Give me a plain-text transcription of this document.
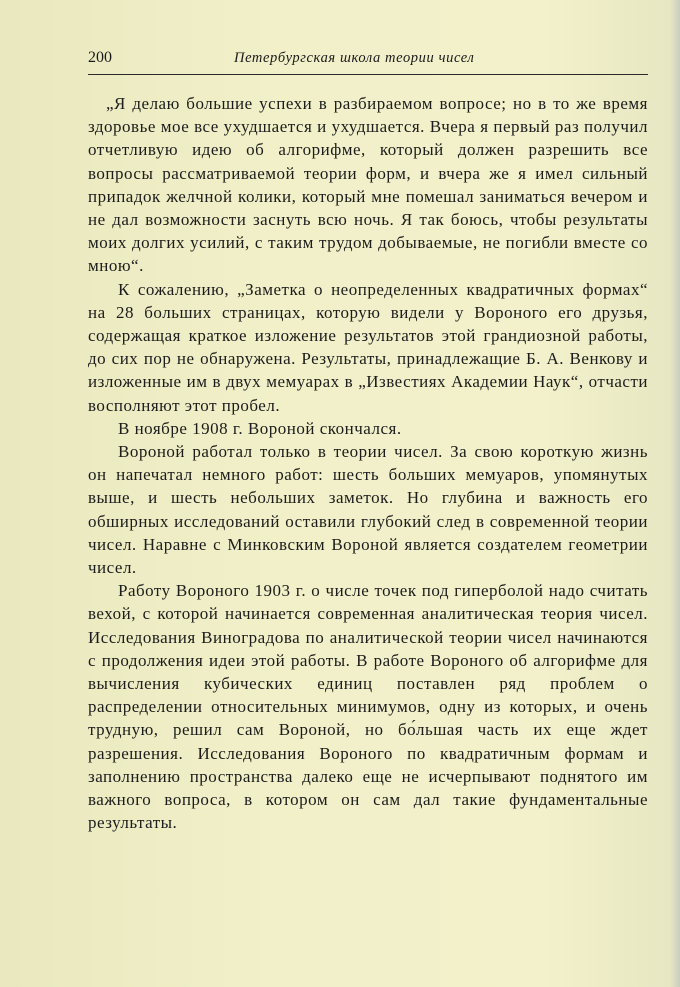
200	Петербургская школа теории чисел

„Я делаю большие успехи в разбираемом вопросе; но в то же время здоровье мое все ухудшается и ухудшается. Вчера я первый раз получил отчетливую идею об алгорифме, который должен разрешить все вопросы рассматриваемой теории форм, и вчера же я имел сильный припадок желчной колики, который мне помешал заниматься вечером и не дал возможности заснуть всю ночь. Я так боюсь, чтобы результаты моих долгих усилий, с таким трудом добываемые, не погибли вместе со мною“.

К сожалению, „Заметка о неопределенных квадратичных формах“ на 28 больших страницах, которую видели у Вороного его друзья, содержащая краткое изложение результатов этой грандиозной работы, до сих пор не обнаружена. Результаты, принадлежащие Б. А. Венкову и изложенные им в двух мемуарах в „Известиях Академии Наук“, отчасти восполняют этот пробел.

В ноябре 1908 г. Вороной скончался.

Вороной работал только в теории чисел. За свою короткую жизнь он напечатал немного работ: шесть больших мемуаров, упомянутых выше, и шесть небольших заметок. Но глубина и важность его обширных исследований оставили глубокий след в современной теории чисел. Наравне с Минковским Вороной является создателем геометрии чисел.

Работу Вороного 1903 г. о числе точек под гиперболой надо считать вехой, с которой начинается современная аналитическая теория чисел. Исследования Виноградова по аналитической теории чисел начинаются с продолжения идеи этой работы. В работе Вороного об алгорифме для вычисления кубических единиц поставлен ряд проблем о распределении относительных минимумов, одну из которых, и очень трудную, решил сам Вороной, но бо́льшая часть их еще ждет разрешения. Исследования Вороного по квадратичным формам и заполнению пространства далеко еще не исчерпывают поднятого им важного вопроса, в котором он сам дал такие фундаментальные результаты.
